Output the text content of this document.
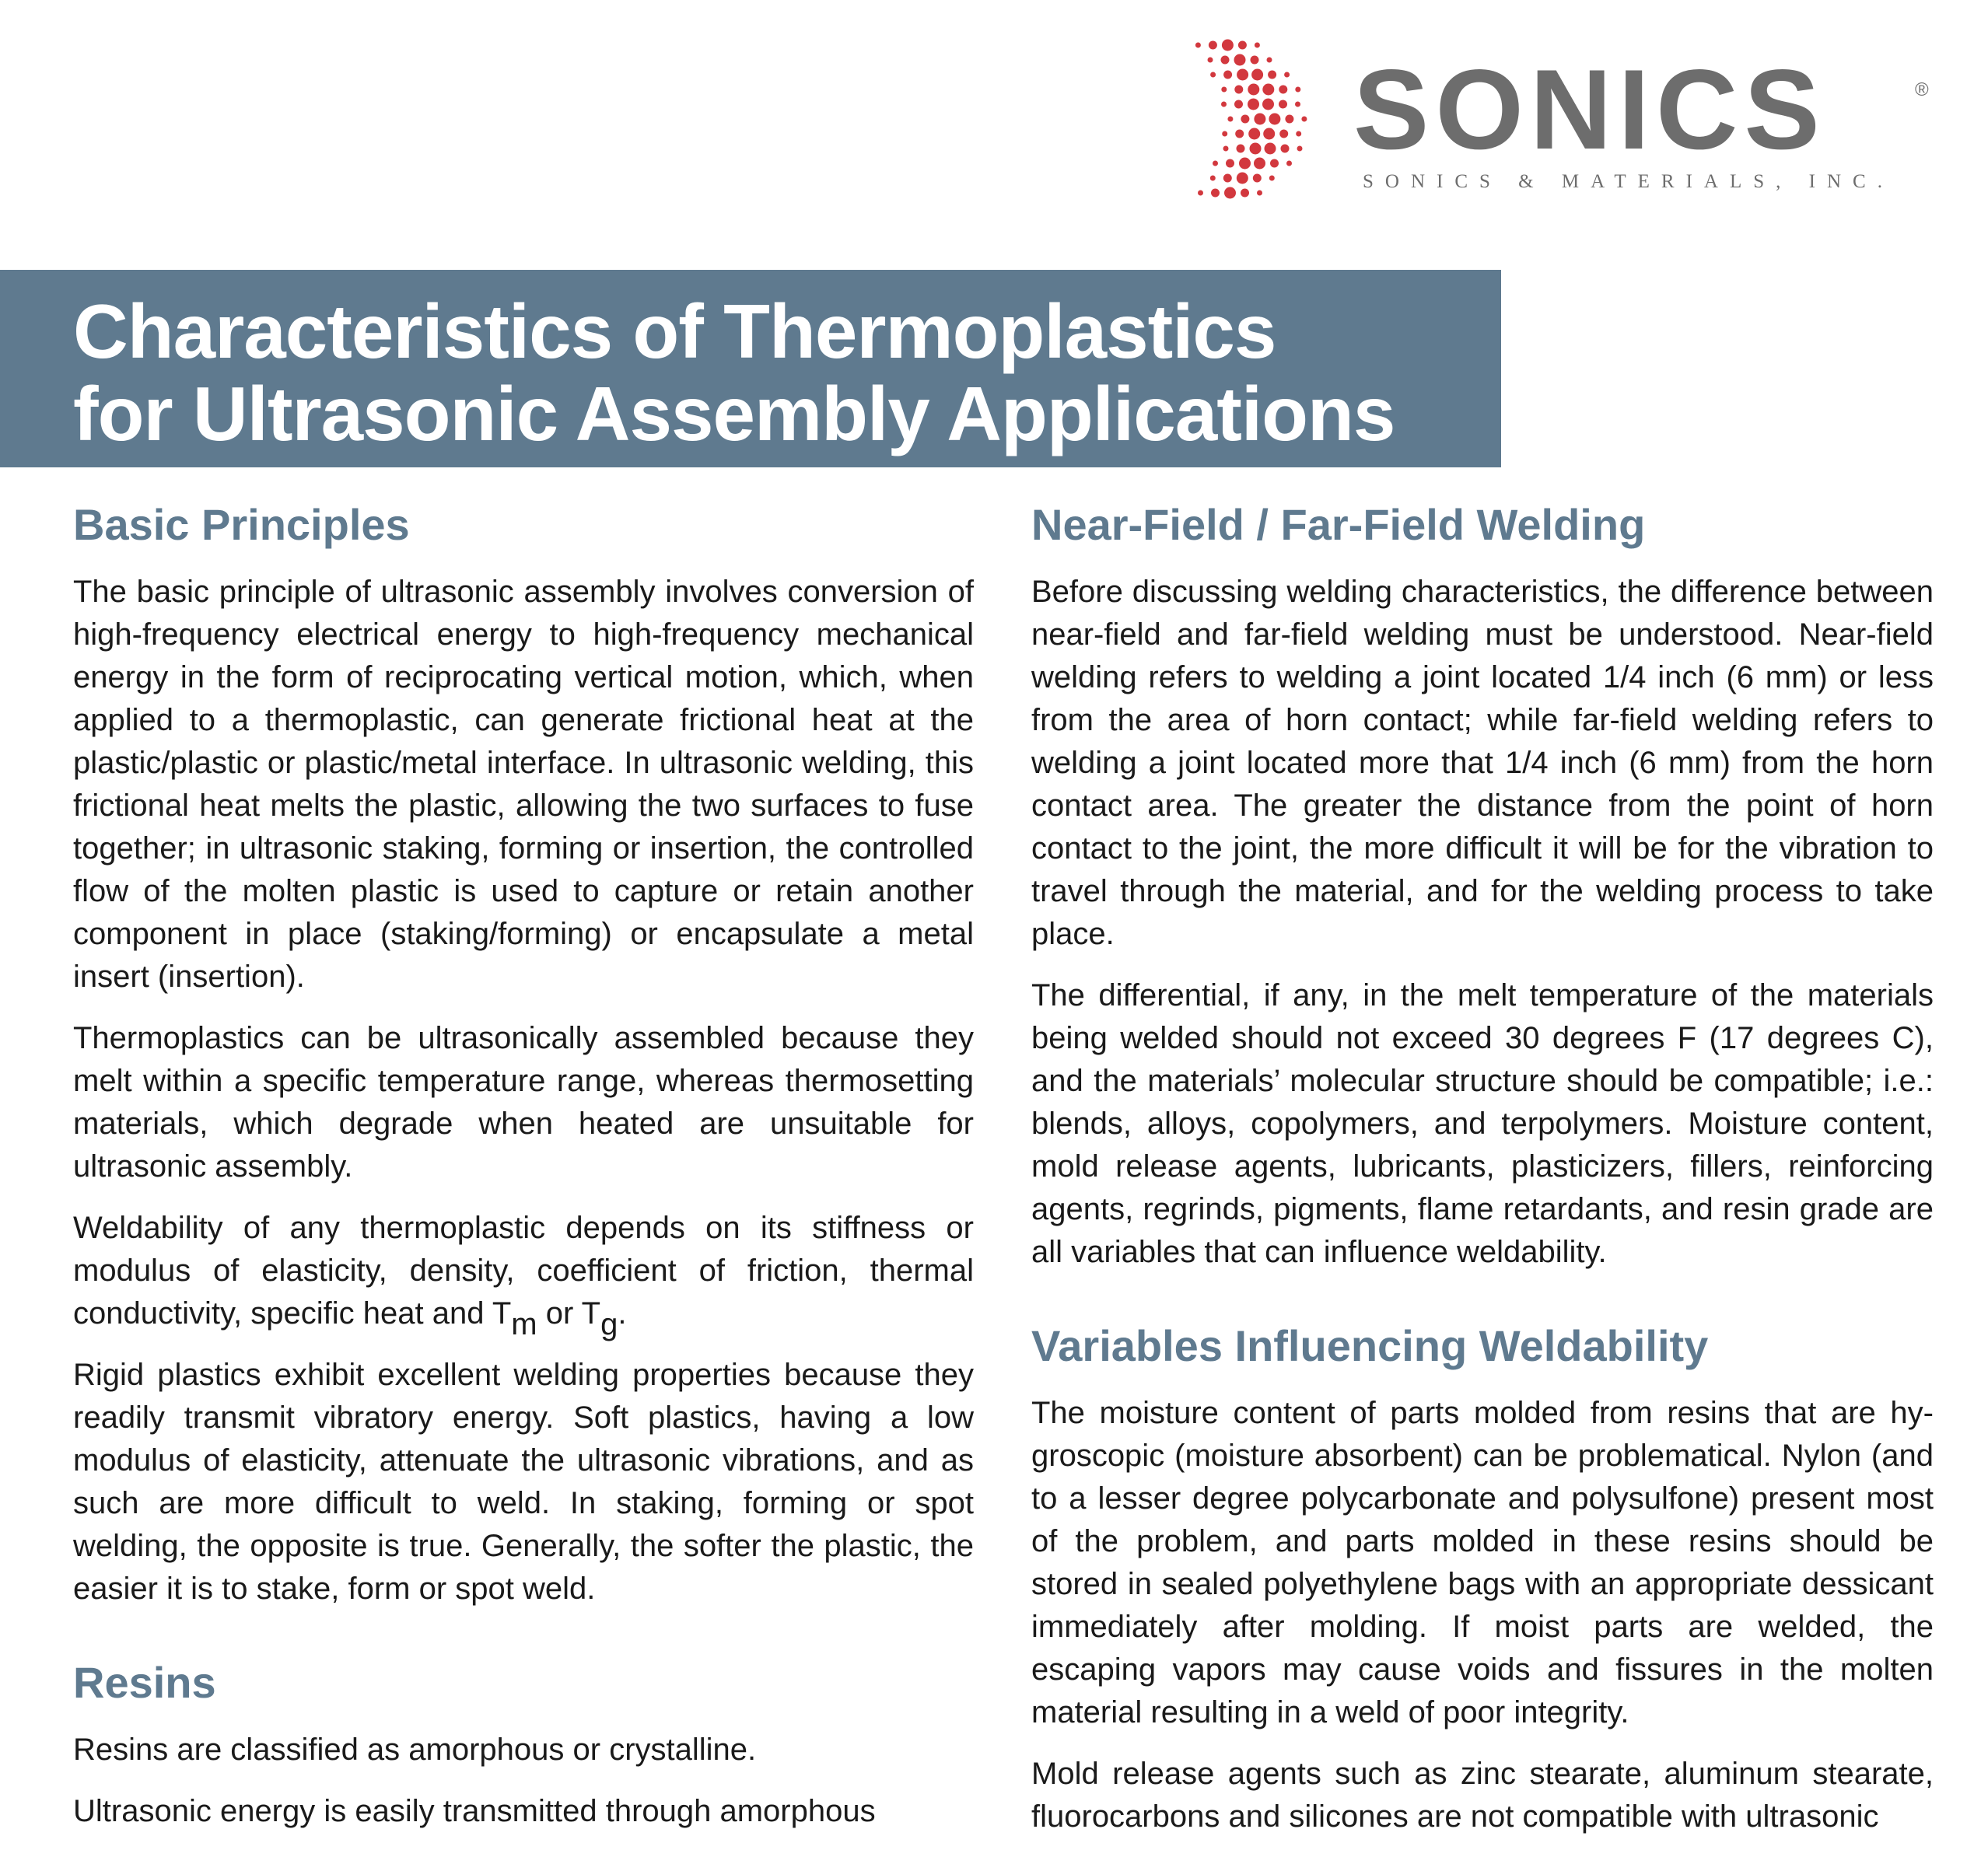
SONICS	®
SONICS & MATERIALS, INC.
Characteristics of Thermoplastics
for Ultrasonic Assembly Applications
Basic Principles

The basic principle of ultrasonic assembly involves conversion of high-frequency electrical energy to high-frequency mechanical energy in the form of reciprocating vertical motion, which, when applied to a thermoplastic, can generate frictional heat at the plastic/plastic or plastic/metal interface. In ultrasonic welding, this frictional heat melts the plastic, allowing the two surfaces to fuse together; in ultrasonic staking, forming or insertion, the controlled flow of the molten plastic is used to capture or retain another component in place (staking/forming) or encapsulate a metal insert (insertion).

Thermoplastics can be ultrasonically assembled because they melt within a specific temperature range, whereas thermosetting materials, which degrade when heated are unsuitable for ultrasonic assembly.

Weldability of any thermoplastic depends on its stiffness or modulus of elasticity, density, coefficient of friction, thermal conductivity, specific heat and $T_m$ or $T_g$.

Rigid plastics exhibit excellent welding properties because they readily transmit vibratory energy. Soft plastics, having a low modulus of elasticity, attenuate the ultrasonic vibrations, and as such are more difficult to weld. In staking, forming or spot welding, the opposite is true. Generally, the softer the plastic, the easier it is to stake, form or spot weld.

Resins

Resins are classified as amorphous or crystalline.

Ultrasonic energy is easily transmitted through amorphous

Near-Field / Far-Field Welding

Before discussing welding characteristics, the difference between near-field and far-field welding must be understood. Near-field welding refers to welding a joint located 1/4 inch (6 mm) or less from the area of horn contact; while far-field welding refers to welding a joint located more that 1/4 inch (6 mm) from the horn contact area. The greater the distance from the point of horn contact to the joint, the more difficult it will be for the vibration to travel through the material, and for the welding process to take place.

The differential, if any, in the melt temperature of the materials being welded should not exceed 30 degrees F (17 degrees C), and the materials’ molecular structure should be compatible; i.e.: blends, alloys, copolymers, and terpolymers. Moisture content, mold release agents, lubricants, plasticizers, fillers, reinforcing agents, regrinds, pigments, flame retardants, and resin grade are all variables that can influence weldability.

Variables Influencing Weldability

The moisture content of parts molded from resins that are hygroscopic (moisture absorbent) can be problematical. Nylon (and to a lesser degree polycarbonate and polysulfone) present most of the problem, and parts molded in these resins should be stored in sealed polyethylene bags with an appropriate dessicant immediately after molding. If moist parts are welded, the escaping vapors may cause voids and fissures in the molten material resulting in a weld of poor integrity.

Mold release agents such as zinc stearate, aluminum stearate, fluorocarbons and silicones are not compatible with ultrasonic
